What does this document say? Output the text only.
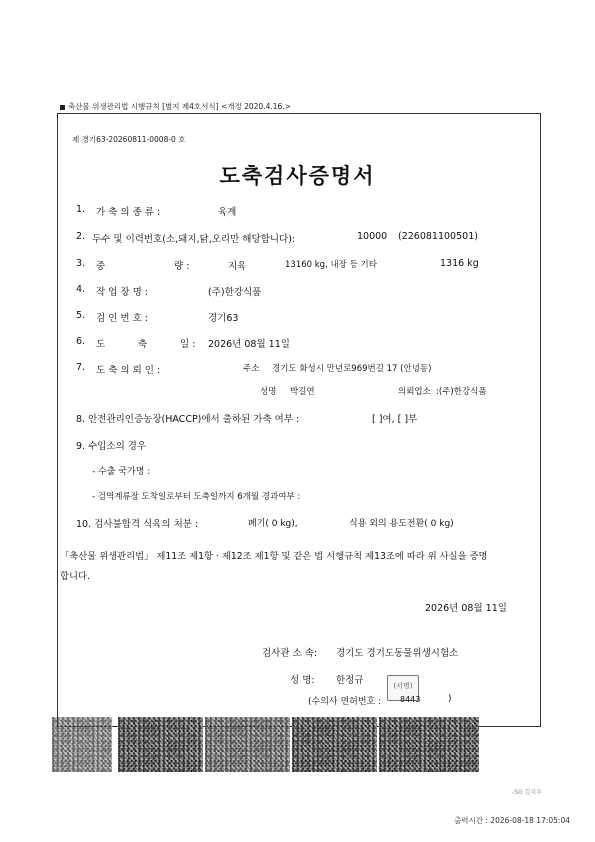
축산물 위생관리법 시행규칙 [별지 제4호서식] <개정 2020.4.16.>
제 경기63-20260811-0008-0 호
도축검사증명서
1. 가 축 의 종 류 :	육계
2. 두수 및 이력번호(소,돼지,닭,오리만 해당합니다):	10000 (226081100501)
3. 중	량 :	지육	13160 kg, 내장 등 기타	1316 kg
4. 작 업 장 명 :	(주)한강식품
5. 검 인 번 호 :	경기63
6. 도	축	일 : 2026년 08월 11일
7. 도 축 의 뢰 인 :	주소 경기도 화성시 만년로969번길 17 (안녕동)
성명 박길연	의뢰업소 :(주)한강식품
8. 안전관리인증농장(HACCP)에서 출하된 가축 여부 :	[ ]여, [ ]부
9. 수입소의 경우
- 수출 국가명 :
- 검역계류장 도착일로부터 도축일까지 6개월 경과여부 :
10. 검사불합격 식육의 처분 :	폐기( 0 kg),	식용 외의 용도전환( 0 kg)
「축산물 위생관리법」 제11조 제1항 · 제12조 제1항 및 같은 법 시행규칙 제13조에 따라 위 사실을 증명
합니다.
2026년 08월 11일
검사관 소 속: 경기도 경기도동물위생시험소
성 명: 한정규	(서명)
(수의사 면허번호 : 8443	)
-SG 김치우
출력시간 : 2026-08-18 17:05:04
